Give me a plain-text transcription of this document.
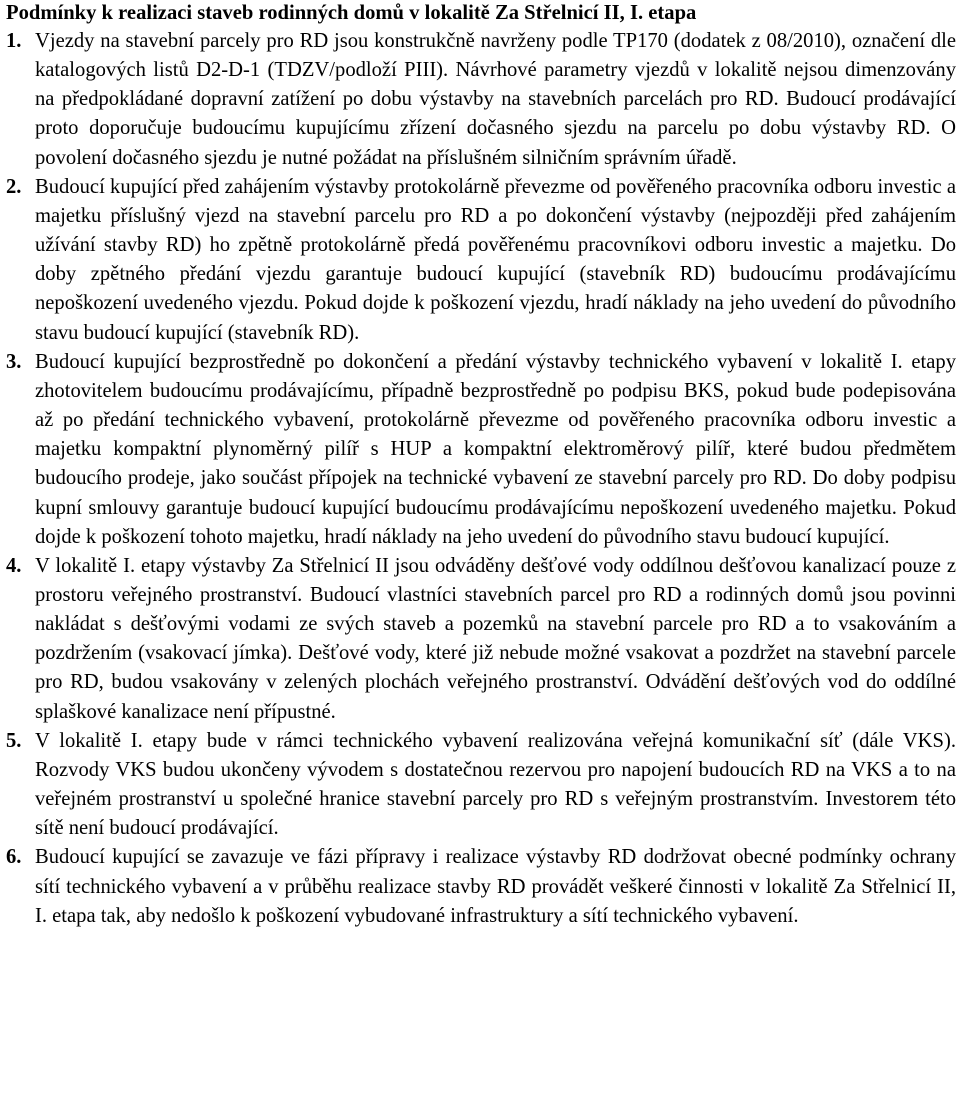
Podmínky k realizaci staveb rodinných domů v lokalitě Za Střelnicí II, I. etapa
1. Vjezdy na stavební parcely pro RD jsou konstrukčně navrženy podle TP170 (dodatek z 08/2010), označení dle katalogových listů D2-D-1 (TDZV/podloží PIII). Návrhové parametry vjezdů v lokalitě nejsou dimenzovány na předpokládané dopravní zatížení po dobu výstavby na stavebních parcelách pro RD. Budoucí prodávající proto doporučuje budoucímu kupujícímu zřízení dočasného sjezdu na parcelu po dobu výstavby RD. O povolení dočasného sjezdu je nutné požádat na příslušném silničním správním úřadě.

2. Budoucí kupující před zahájením výstavby protokolárně převezme od pověřeného pracovníka odboru investic a majetku příslušný vjezd na stavební parcelu pro RD a po dokončení výstavby (nejpozději před zahájením užívání stavby RD) ho zpětně protokolárně předá pověřenému pracovníkovi odboru investic a majetku. Do doby zpětného předání vjezdu garantuje budoucí kupující (stavebník RD) budoucímu prodávajícímu nepoškození uvedeného vjezdu. Pokud dojde k poškození vjezdu, hradí náklady na jeho uvedení do původního stavu budoucí kupující (stavebník RD).

3. Budoucí kupující bezprostředně po dokončení a předání výstavby technického vybavení v lokalitě I. etapy zhotovitelem budoucímu prodávajícímu, případně bezprostředně po podpisu BKS, pokud bude podepisována až po předání technického vybavení, protokolárně převezme od pověřeného pracovníka odboru investic a majetku kompaktní plynoměrný pilíř s HUP a kompaktní elektroměrový pilíř, které budou předmětem budoucího prodeje, jako součást přípojek na technické vybavení ze stavební parcely pro RD. Do doby podpisu kupní smlouvy garantuje budoucí kupující budoucímu prodávajícímu nepoškození uvedeného majetku. Pokud dojde k poškození tohoto majetku, hradí náklady na jeho uvedení do původního stavu budoucí kupující.

4. V lokalitě I. etapy výstavby Za Střelnicí II jsou odváděny dešťové vody oddílnou dešťovou kanalizací pouze z prostoru veřejného prostranství. Budoucí vlastníci stavebních parcel pro RD a rodinných domů jsou povinni nakládat s dešťovými vodami ze svých staveb a pozemků na stavební parcele pro RD a to vsakováním a pozdržením (vsakovací jímka). Dešťové vody, které již nebude možné vsakovat a pozdržet na stavební parcele pro RD, budou vsakovány v zelených plochách veřejného prostranství. Odvádění dešťových vod do oddílné splaškové kanalizace není přípustné.

5. V lokalitě I. etapy bude v rámci technického vybavení realizována veřejná komunikační síť (dále VKS). Rozvody VKS budou ukončeny vývodem s dostatečnou rezervou pro napojení budoucích RD na VKS a to na veřejném prostranství u společné hranice stavební parcely pro RD s veřejným prostranstvím. Investorem této sítě není budoucí prodávající.

6. Budoucí kupující se zavazuje ve fázi přípravy i realizace výstavby RD dodržovat obecné podmínky ochrany sítí technického vybavení a v průběhu realizace stavby RD provádět veškeré činnosti v lokalitě Za Střelnicí II, I. etapa tak, aby nedošlo k poškození vybudované infrastruktury a sítí technického vybavení.
